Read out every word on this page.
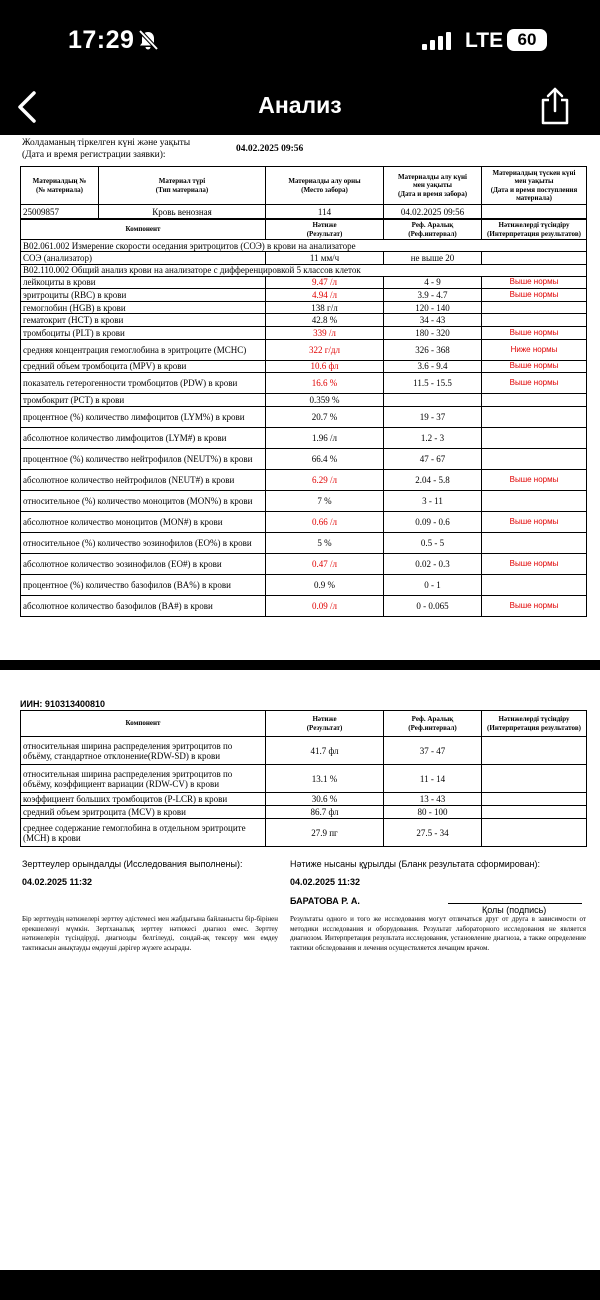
17:29	LTE 60
Анализ
Жолдаманың тіркелген күні және уақыты
(Дата и время регистрации заявки):
04.02.2025 09:56
Материалдың №
(№ материала)	Материал түрі
(Тип материала)	Материалды алу орны
(Место забора)	Материалды алу күні
мен уақыты
(Дата и время забора)	Материалдың түскен күні
мен уақыты
(Дата и время поступления
материала)
25009857	Кровь венозная	114	04.02.2025 09:56	
Компонент	Нәтиже
(Результат)	Реф. Аралық
(Реф.интервал)	Нәтижелерді түсіндіру
(Интерпретация результатов)
В02.061.002 Измерение скорости оседания эритроцитов (СОЭ) в крови на анализаторе			
СОЭ (анализатор)	11 мм/ч	не выше 20	
В02.110.002 Общий анализ крови на анализаторе с дифференцировкой 5 классов клеток			
лейкоциты в крови	9.47 /л	4 - 9	Выше нормы
эритроциты (RBC) в крови	4.94 /л	3.9 - 4.7	Выше нормы
гемоглобин (HGB) в крови	138 г/л	120 - 140	
гематокрит (HCT) в крови	42.8 %	34 - 43	
тромбоциты (PLT) в крови	339 /л	180 - 320	Выше нормы
средняя концентрация гемоглобина в эритроците (MCHC)	322 г/дл	326 - 368	Ниже нормы
средний объем тромбоцита (MPV) в крови	10.6 фл	3.6 - 9.4	Выше нормы
показатель гетерогенности тромбоцитов (PDW) в крови	16.6 %	11.5 - 15.5	Выше нормы
тромбокрит (PCT) в крови	0.359 %		
процентное (%) количество лимфоцитов (LYM%) в крови	20.7 %	19 - 37	
абсолютное количество лимфоцитов (LYM#) в крови	1.96 /л	1.2 - 3	
процентное (%) количество нейтрофилов (NEUT%) в крови	66.4 %	47 - 67	
абсолютное количество нейтрофилов (NEUT#) в крови	6.29 /л	2.04 - 5.8	Выше нормы
относительное (%) количество моноцитов (MON%) в крови	7 %	3 - 11	
абсолютное количество моноцитов (MON#) в крови	0.66 /л	0.09 - 0.6	Выше нормы
относительное (%) количество эозинофилов (EO%) в крови	5 %	0.5 - 5	
абсолютное количество эозинофилов (EO#) в крови	0.47 /л	0.02 - 0.3	Выше нормы
процентное (%) количество базофилов (BA%) в крови	0.9 %	0 - 1	
абсолютное количество базофилов (BA#) в крови	0.09 /л	0 - 0.065	Выше нормы
ИИН: 910313400810
Компонент	Нәтиже
(Результат)	Реф. Аралық
(Реф.интервал)	Нәтижелерді түсіндіру
(Интерпретация результатов)
относительная ширина распределения эритроцитов по объёму, стандартное отклонение(RDW-SD) в крови	41.7 фл	37 - 47	
относительная ширина распределения эритроцитов по объёму, коэффициент вариации (RDW-CV) в крови	13.1 %	11 - 14	
коэффициент больших тромбоцитов (P-LCR) в крови	30.6 %	13 - 43	
средний объем эритроцита (MCV) в крови	86.7 фл	80 - 100	
среднее содержание гемоглобина в отдельном эритроците (MCH) в крови	27.9 пг	27.5 - 34	
Зерттеулер орындалды (Исследования выполнены):
04.02.2025 11:32
Нәтиже нысаны құрылды (Бланк результата сформирован):
04.02.2025 11:32
БАРАТОВА Р. А.
Қолы (подпись)
Бір зерттеудің нәтижелері зерттеу әдістемесі мен жабдығына байланысты бір-бірінен ерекшеленуі мүмкін. Зертханалық зерттеу нәтижесі диагноз емес. Зерттеу нәтижелерін түсіндіруді, диагнозды белгілеуді, сондай-ақ тексеру мен емдеу тактикасын анықтауды емдеуші дәрігер жүзеге асырады.
Результаты одного и того же исследования могут отличаться друг от друга в зависимости от методики исследования и оборудования. Результат лабораторного исследования не является диагнозом. Интерпретация результата исследования, установление диагноза, а также определение тактики обследования и лечения осуществляется лечащим врачом.
